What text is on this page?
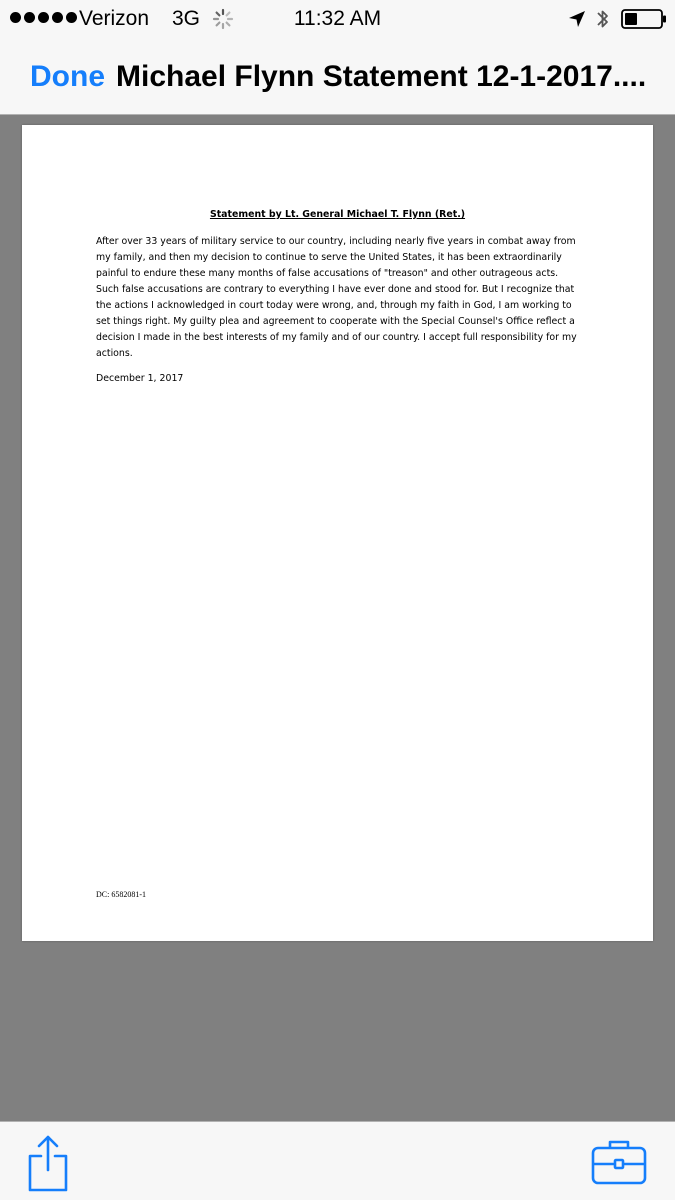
Verizon 3G	11:32 AM
Done Michael Flynn Statement 12-1-2017....
Statement by Lt. General Michael T. Flynn (Ret.)

After over 33 years of military service to our country, including nearly five years in combat away from my family, and then my decision to continue to serve the United States, it has been extraordinarily painful to endure these many months of false accusations of "treason" and other outrageous acts. Such false accusations are contrary to everything I have ever done and stood for. But I recognize that the actions I acknowledged in court today were wrong, and, through my faith in God, I am working to set things right. My guilty plea and agreement to cooperate with the Special Counsel's Office reflect a decision I made in the best interests of my family and of our country. I accept full responsibility for my actions.

December 1, 2017
DC: 6582081-1
